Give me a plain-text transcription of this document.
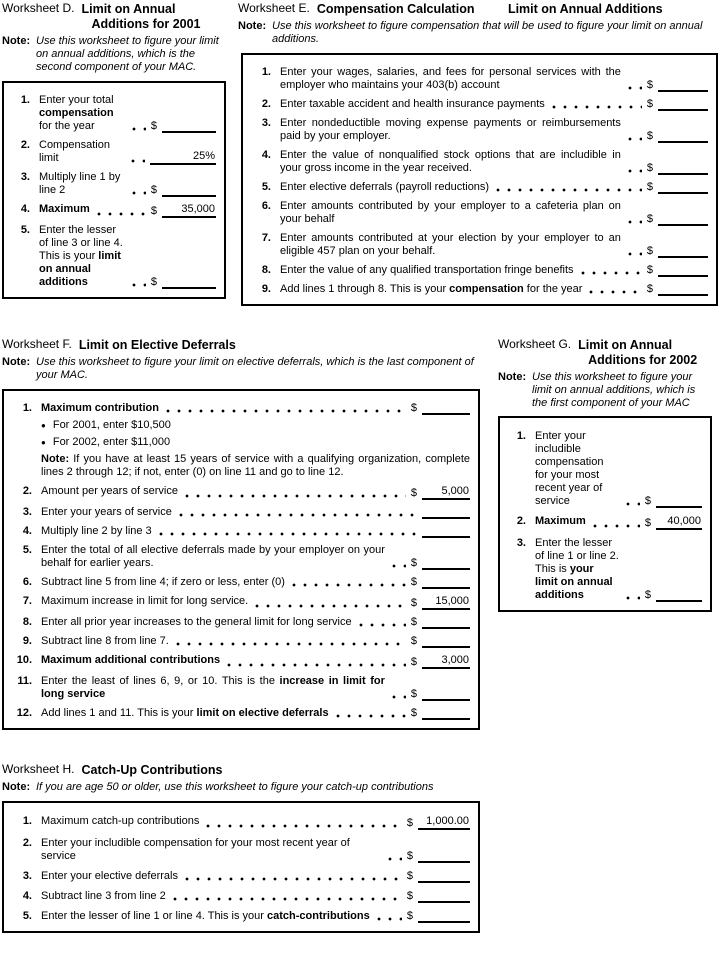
Worksheet D. Limit on Annual
Additions for 2001
Note: Use this worksheet to figure your limit on annual additions, which is the second component of your MAC.
1. Enter your total compensation for the year	$
2. Compensation limit	25%
3. Multiply line 1 by line 2	$
4. Maximum	$	35,000
5. Enter the lesser of line 3 or line 4. This is your limit on annual additions	$
Worksheet E. Compensation Calculation	Limit on Annual Additions
Note: Use this worksheet to figure compensation that will be used to figure your limit on annual additions.
1. Enter your wages, salaries, and fees for personal services with the employer who maintains your 403(b) account	$
2. Enter taxable accident and health insurance payments	$
3. Enter nondeductible moving expense payments or reimbursements paid by your employer.	$
4. Enter the value of nonqualified stock options that are includible in your gross income in the year received.	$
5. Enter elective deferrals (payroll reductions)	$
6. Enter amounts contributed by your employer to a cafeteria plan on your behalf	$
7. Enter amounts contributed at your election by your employer to an eligible 457 plan on your behalf.	$
8. Enter the value of any qualified transportation fringe benefits	$
9. Add lines 1 through 8. This is your compensation for the year	$
Worksheet F. Limit on Elective Deferrals
Note: Use this worksheet to figure your limit on elective deferrals, which is the last component of your MAC.
1. Maximum contribution	$
● For 2001, enter $10,500
● For 2002, enter $11,000
Note: If you have at least 15 years of service with a qualifying organization, complete lines 2 through 12; if not, enter (0) on line 11 and go to line 12.
2. Amount per years of service	$	5,000
3. Enter your years of service
4. Multiply line 2 by line 3
5. Enter the total of all elective deferrals made by your employer on your behalf for earlier years.	$
6. Subtract line 5 from line 4; if zero or less, enter (0)	$
7. Maximum increase in limit for long service.	$	15,000
8. Enter all prior year increases to the general limit for long service	$
9. Subtract line 8 from line 7.	$
10. Maximum additional contributions	$	3,000
11. Enter the least of lines 6, 9, or 10. This is the increase in limit for long service	$
12. Add lines 1 and 11. This is your limit on elective deferrals	$
Worksheet G. Limit on Annual
Additions for 2002
Note: Use this worksheet to figure your limit on annual additions, which is the first component of your MAC
1. Enter your includible compensation for your most recent year of service	$
2. Maximum	$	40,000
3. Enter the lesser of line 1 or line 2. This is your limit on annual additions	$
Worksheet H. Catch-Up Contributions
Note: If you are age 50 or older, use this worksheet to figure your catch-up contributions
1. Maximum catch-up contributions	$	1,000.00
2. Enter your includible compensation for your most recent year of service	$
3. Enter your elective deferrals	$
4. Subtract line 3 from line 2	$
5. Enter the lesser of line 1 or line 4. This is your catch-contributions	$
